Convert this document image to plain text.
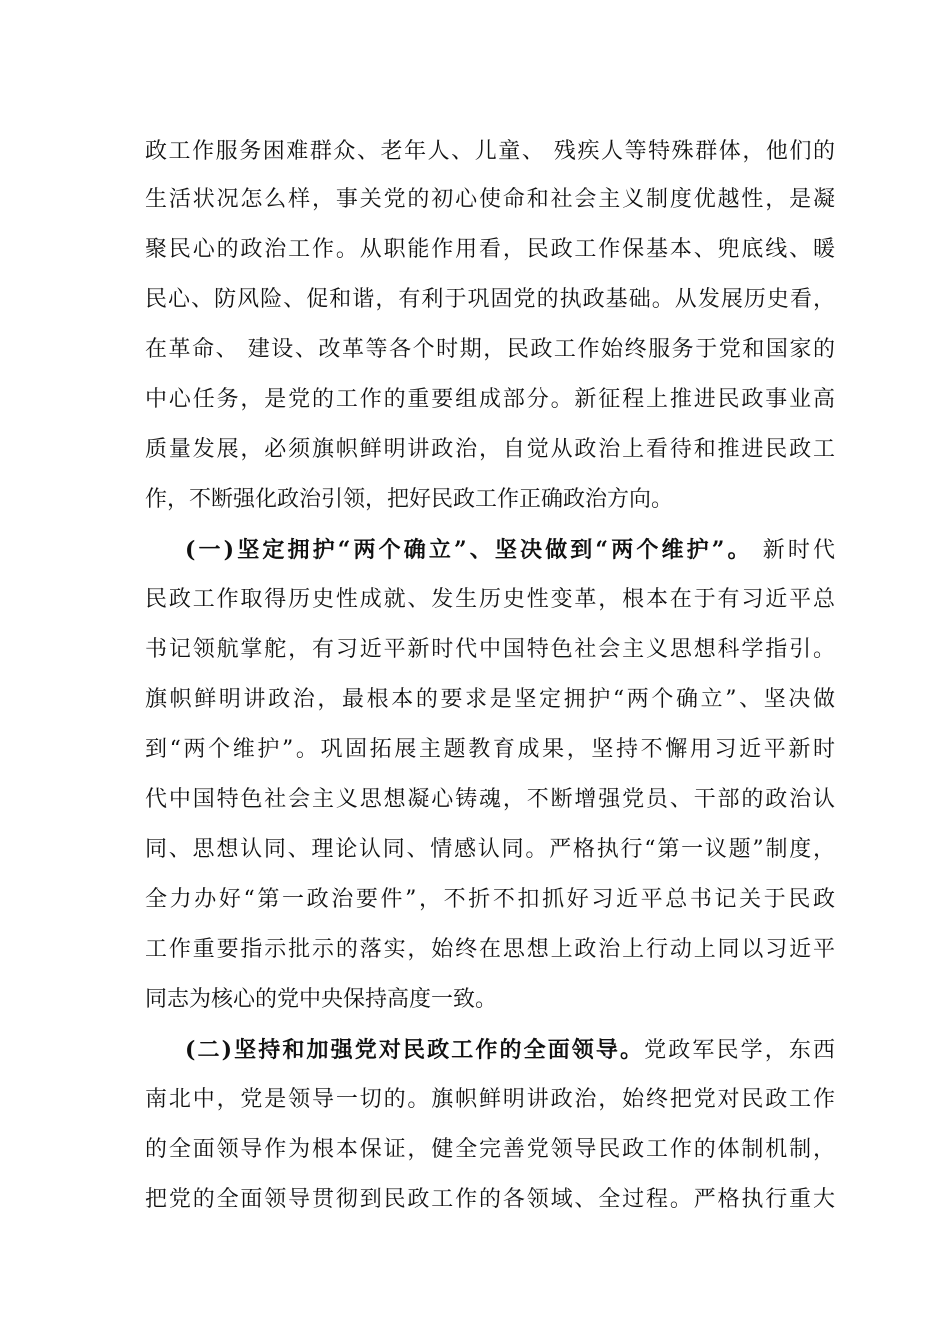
政工作服务困难群众、老年人、儿童、 残疾人等特殊群体，他们的
生活状况怎么样，事关党的初心使命和社会主义制度优越性，是凝
聚民心的政治工作。从职能作用看，民政工作保基本、兜底线、暖
民心、防风险、促和谐，有利于巩固党的执政基础。从发展历史看，
在革命、 建设、改革等各个时期，民政工作始终服务于党和国家的
中心任务，是党的工作的重要组成部分。新征程上推进民政事业高
质量发展，必须旗帜鲜明讲政治，自觉从政治上看待和推进民政工
作，不断强化政治引领，把好民政工作正确政治方向。
(一)坚定拥护“两个确立”、坚决做到“两个维护”。 新时代
民政工作取得历史性成就、发生历史性变革，根本在于有习近平总
书记领航掌舵，有习近平新时代中国特色社会主义思想科学指引。
旗帜鲜明讲政治，最根本的要求是坚定拥护“两个确立”、坚决做
到“两个维护”。巩固拓展主题教育成果，坚持不懈用习近平新时
代中国特色社会主义思想凝心铸魂，不断增强党员、干部的政治认
同、思想认同、理论认同、情感认同。严格执行“第一议题”制度，
全力办好“第一政治要件”，不折不扣抓好习近平总书记关于民政
工作重要指示批示的落实，始终在思想上政治上行动上同以习近平
同志为核心的党中央保持高度一致。
(二)坚持和加强党对民政工作的全面领导。党政军民学，东西
南北中，党是领导一切的。旗帜鲜明讲政治，始终把党对民政工作
的全面领导作为根本保证，健全完善党领导民政工作的体制机制，
把党的全面领导贯彻到民政工作的各领域、全过程。严格执行重大
